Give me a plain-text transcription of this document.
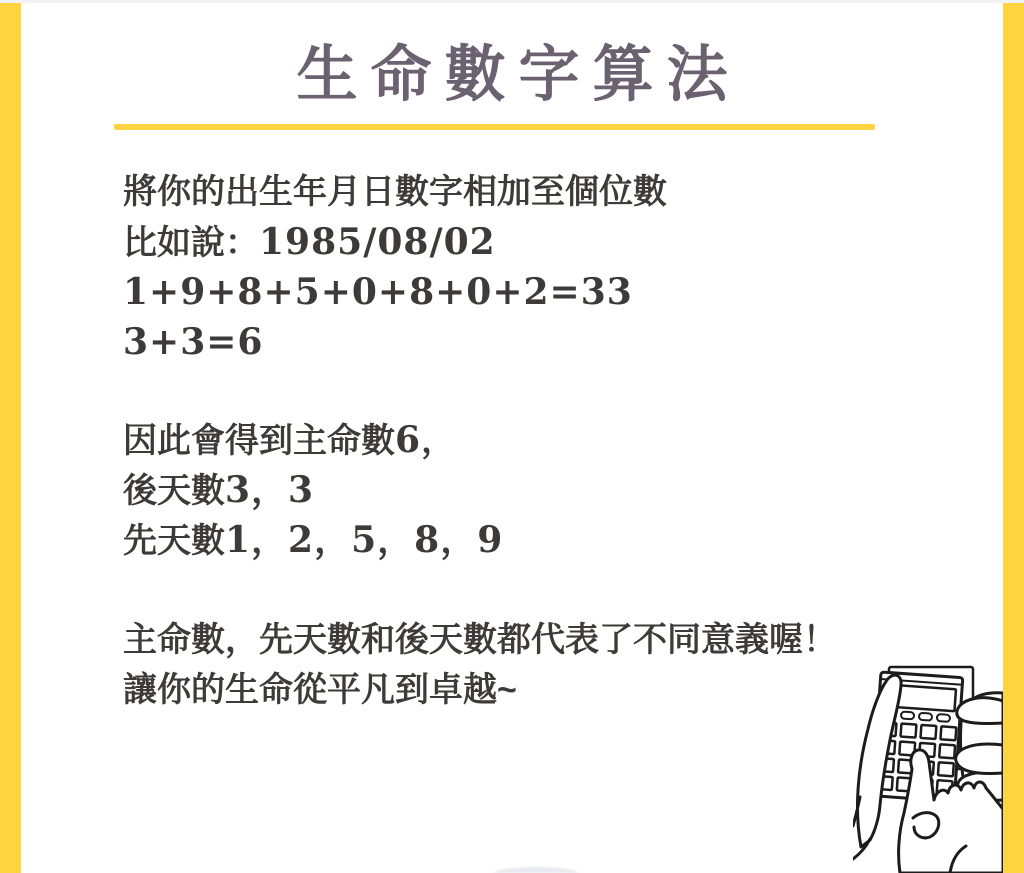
生命數字算法
將你的出生年月日數字相加至個位數
比如說：1985/08/02
1+9+8+5+0+8+0+2=33
3+3=6
因此會得到主命數6，
後天數3，3
先天數1，2，5，8，9
主命數，先天數和後天數都代表了不同意義喔！
讓你的生命從平凡到卓越~
